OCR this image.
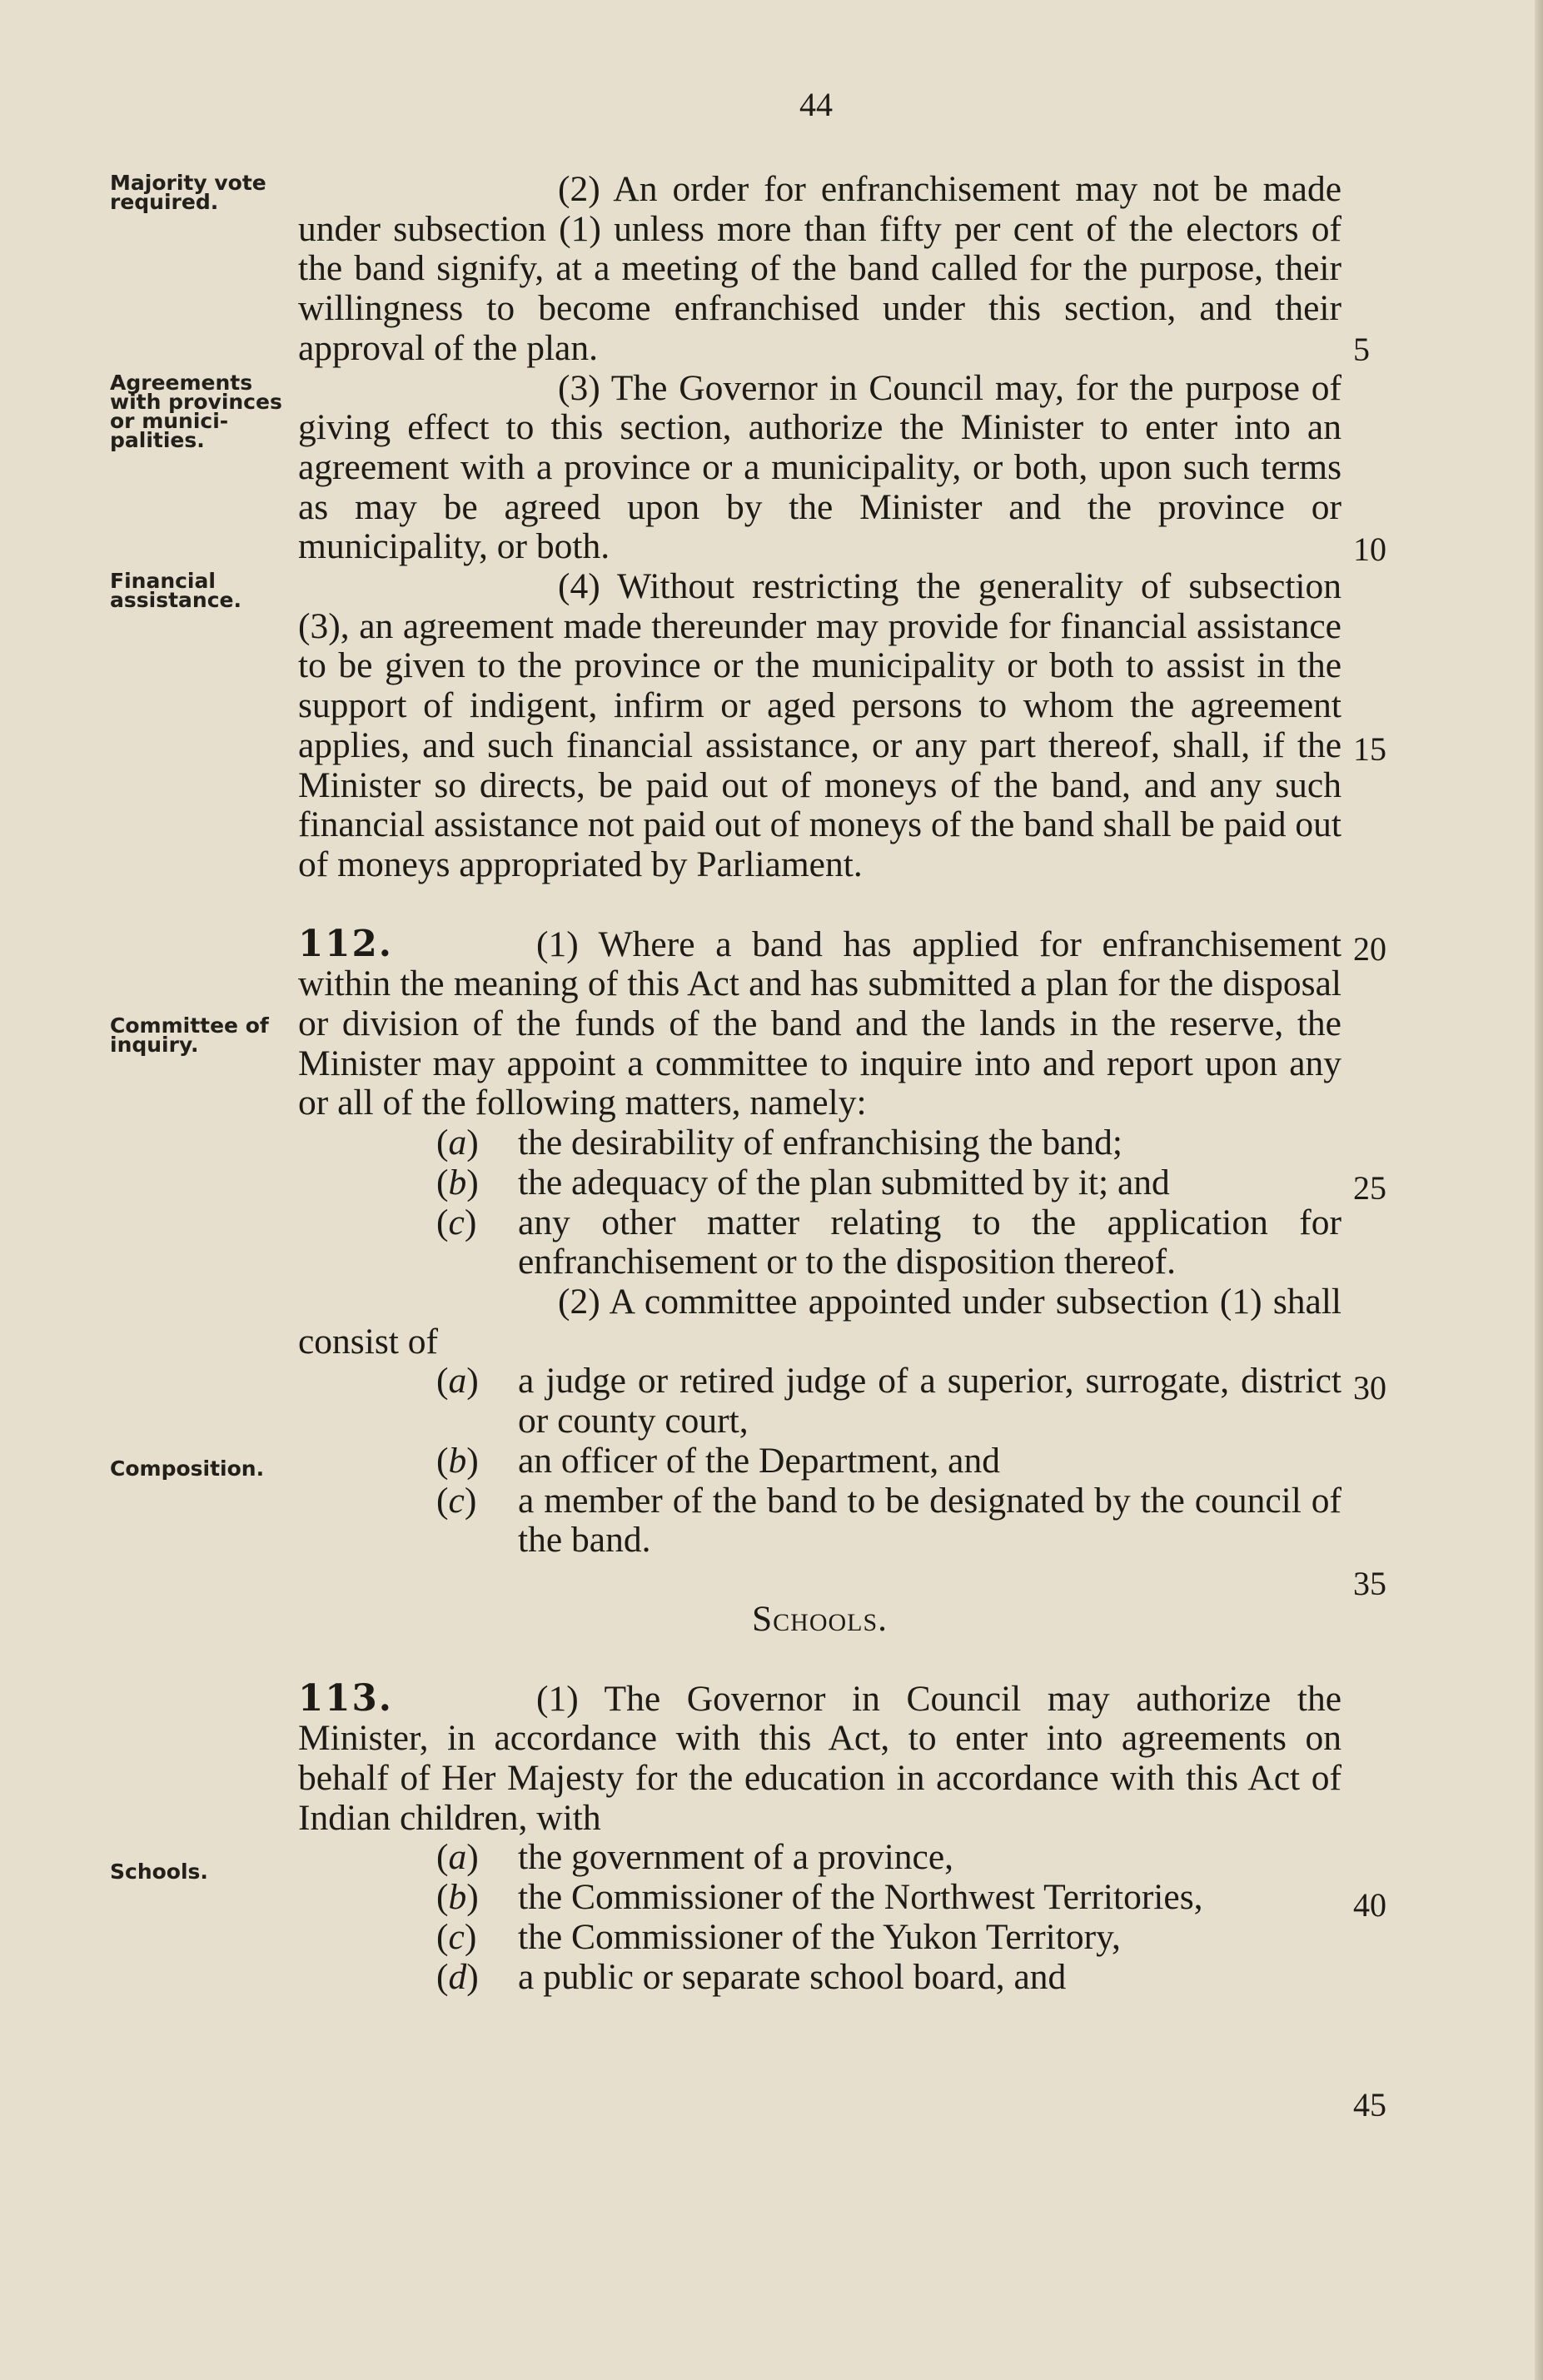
44
Majority vote required.
Agreements with provinces or munici-palities.
Financial assistance.
Committee of inquiry.
Composition.
Schools.

(2) An order for enfranchisement may not be made under subsection (1) unless more than fifty per cent of the electors of the band signify, at a meeting of the band called for the purpose, their willingness to become enfranchised under this section, and their approval of the plan.

(3) The Governor in Council may, for the purpose of giving effect to this section, authorize the Minister to enter into an agreement with a province or a municipality, or both, upon such terms as may be agreed upon by the Minister and the province or municipality, or both.

(4) Without restricting the generality of subsection (3), an agreement made thereunder may provide for financial assistance to be given to the province or the municipality or both to assist in the support of indigent, infirm or aged persons to whom the agreement applies, and such financial assistance, or any part thereof, shall, if the Minister so directs, be paid out of moneys of the band, and any such financial assistance not paid out of moneys of the band shall be paid out of moneys appropriated by Parliament.

112.	(1) Where a band has applied for enfranchisement within the meaning of this Act and has submitted a plan for the disposal or division of the funds of the band and the lands in the reserve, the Minister may appoint a committee to inquire into and report upon any or all of the following matters, namely:

(a) the desirability of enfranchising the band;

(b) the adequacy of the plan submitted by it; and

(c) any other matter relating to the application for enfranchisement or to the disposition thereof.

(2) A committee appointed under subsection (1) shall consist of

(a) a judge or retired judge of a superior, surrogate, district or county court,

(b) an officer of the Department, and

(c) a member of the band to be designated by the council of the band.

Schools.

113.	(1) The Governor in Council may authorize the Minister, in accordance with this Act, to enter into agreements on behalf of Her Majesty for the education in accordance with this Act of Indian children, with

(a) the government of a province,

(b) the Commissioner of the Northwest Territories,

(c) the Commissioner of the Yukon Territory,

(d) a public or separate school board, and

5
10
15
20
25
30
35
40
45
